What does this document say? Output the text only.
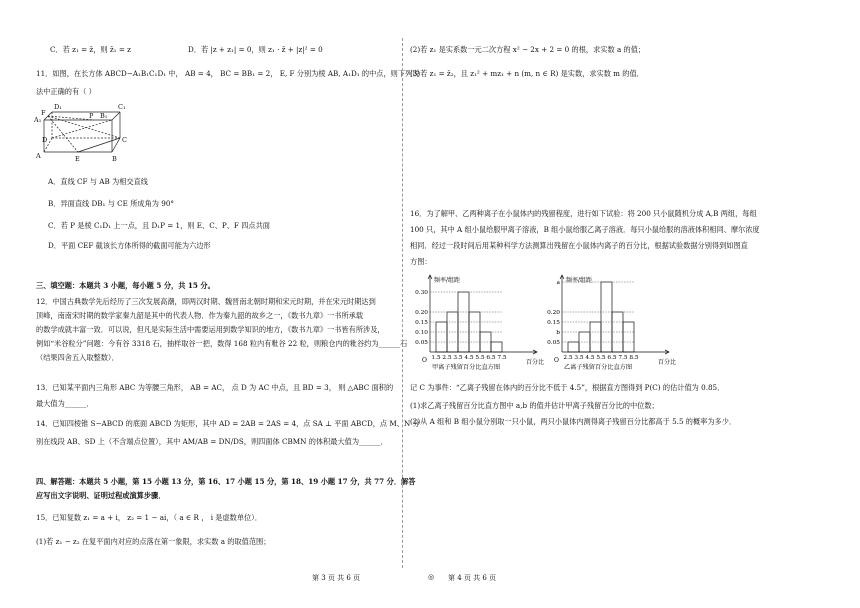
C．若 z₁ = z̄，则 z̄₁ = z	D．若 |z + z₁| = 0，则 z₁ · z̄ + |z|² = 0
11．如图，在长方体 ABCD−A₁B₁C₁D₁ 中， AB = 4， BC = BB₁ = 2， E, F 分别为棱 AB, A₁D₁ 的中点，则下列说
法中正确的有（ ）
D₁	C₁
A₁	B₁
F	P
D	C
A	E	B
A．直线 CF 与 AB 为相交直线
B．异面直线 DB₁ 与 CE 所成角为 90°
C．若 P 是棱 C₁D₁ 上一点，且 D₁P = 1，则 E、C、P、F 四点共面
D．平面 CEF 截该长方体所得的截面可能为六边形
三、填空题：本题共 3 小题，每小题 5 分，共 15 分。
12．中国古典数学先后经历了三次发展高潮，即两汉时期、魏晋南北朝时期和宋元时期，并在宋元时期达到
顶峰，南南宋时期的数学家秦九韶是其中的代表人物．作为秦九韶的故乡之一，《数书九章》一书所承载
的数学成就丰富一致．可以说，但凡是实际生活中需要运用到数学知识的地方，《数书九章》一书皆有所涉及，
例如“米谷粒分”问题：今有谷 3318 石，抽样取谷一把，数得 168 粒内有粃谷 22 粒，则粮仓内的粃谷约为______石
（结果四舍五入取整数）．
13．已知某平面内三角形 ABC 为等腰三角形， AB = AC， 点 D 为 AC 中点，且 BD = 3， 则 △ABC 面积的
最大值为______．
14．已知四棱锥 S−ABCD 的底面 ABCD 为矩形，其中 AD = 2AB = 2AS = 4，点 SA ⊥ 平面 ABCD，点 M、N 分
别在线段 AB、SD 上（不含端点位置），其中 AM/AB = DN/DS，则四面体 CBMN 的体积最大值为______．
四、解答题：本题共 5 小题，第 15 小题 13 分，第 16、17 小题 15 分，第 18、19 小题 17 分，共 77 分．解答
应写出文字说明、证明过程或演算步骤．
15．已知复数 z₁ = a + i， z₂ = 1 − ai，（ a ∈ R ， i 是虚数单位）．
(1)若 z₁ − z₂ 在复平面内对应的点落在第一象限，求实数 a 的取值范围；
第 3 页 共 6 页	◎
(2)若 z₁ 是实系数一元二次方程 x² − 2x + 2 = 0 的根，求实数 a 的值；
(3)若 z₁ = z̄₂，且 z₁² + mz₁ + n (m, n ∈ R) 是实数，求实数 m 的值．
16．为了解甲、乙两种离子在小鼠体内的残留程度，进行如下试验：将 200 只小鼠随机分成 A,B 两组，每组
100 只，其中 A 组小鼠给服甲离子溶液，B 组小鼠给服乙离子溶液．每只小鼠给服的溶液体积相同、摩尔浓度
相同．经过一段时间后用某种科学方法测算出残留在小鼠体内离子的百分比，根据试验数据分别得到如图直
方图：
频率/组距
百分比
O
0.05
0.10
0.15
0.20
0.30
1.5 2.5 3.5 4.5 5.5 6.5 7.5
甲离子残留百分比直方图
频率/组距
百分比
O
0.05
b
0.15
0.20
a
2.5 3.5 4.5 5.5 6.5 7.5 8.5
乙离子残留百分比直方图
记 C 为事件：“乙离子残留在体内的百分比不低于 4.5”，根据直方图得到 P(C) 的估计值为 0.85．
(1)求乙离子残留百分比直方图中 a,b 的值并估计甲离子残留百分比的中位数；
(2)从 A 组和 B 组小鼠分别取一只小鼠，两只小鼠体内测得离子残留百分比都高于 5.5 的概率为多少．
第 4 页 共 6 页
